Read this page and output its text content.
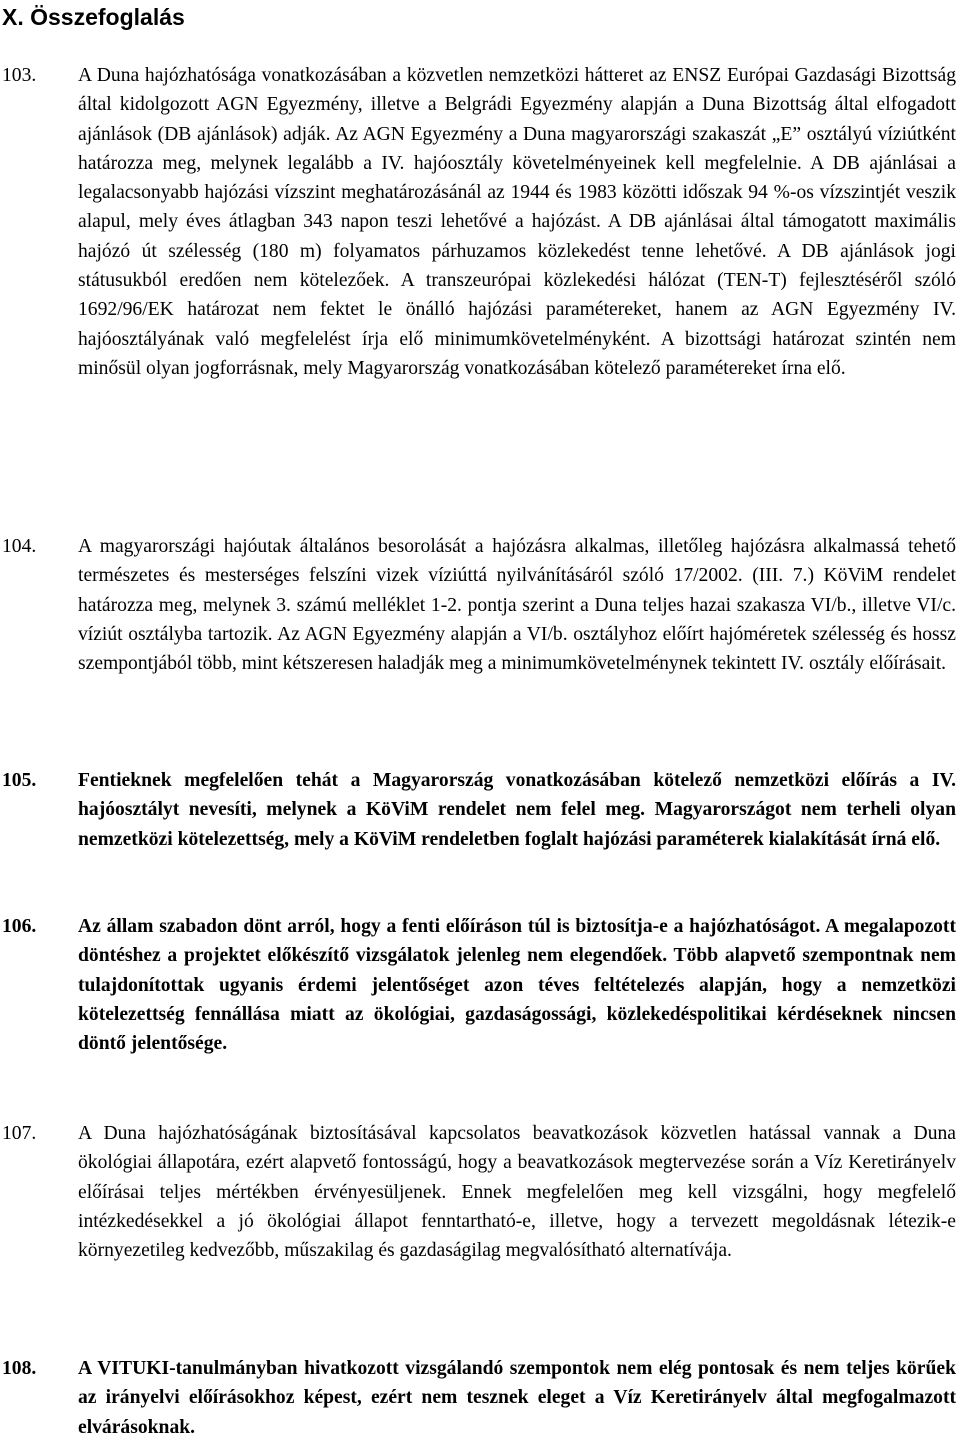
X. Összefoglalás
103. A Duna hajózhatósága vonatkozásában a közvetlen nemzetközi hátteret az ENSZ Európai Gazdasági Bizottság által kidolgozott AGN Egyezmény, illetve a Belgrádi Egyezmény alapján a Duna Bizottság által elfogadott ajánlások (DB ajánlások) adják. Az AGN Egyezmény a Duna magyarországi szakaszát „E” osztályú víziútként határozza meg, melynek legalább a IV. hajóosztály követelményeinek kell megfelelnie. A DB ajánlásai a legalacsonyabb hajózási vízszint meghatározásánál az 1944 és 1983 közötti időszak 94 %-os vízszintjét veszik alapul, mely éves átlagban 343 napon teszi lehetővé a hajózást. A DB ajánlásai által támogatott maximális hajózó út szélesség (180 m) folyamatos párhuzamos közlekedést tenne lehetővé. A DB ajánlások jogi státusukból eredően nem kötelezőek. A transzeurópai közlekedési hálózat (TEN-T) fejlesztéséről szóló 1692/96/EK határozat nem fektet le önálló hajózási paramétereket, hanem az AGN Egyezmény IV. hajóosztályának való megfelelést írja elő minimumkövetelményként. A bizottsági határozat szintén nem minősül olyan jogforrásnak, mely Magyarország vonatkozásában kötelező paramétereket írna elő.

104. A magyarországi hajóutak általános besorolását a hajózásra alkalmas, illetőleg hajózásra alkalmassá tehető természetes és mesterséges felszíni vizek víziúttá nyilvánításáról szóló 17/2002. (III. 7.) KöViM rendelet határozza meg, melynek 3. számú melléklet 1-2. pontja szerint a Duna teljes hazai szakasza VI/b., illetve VI/c. víziút osztályba tartozik. Az AGN Egyezmény alapján a VI/b. osztályhoz előírt hajóméretek szélesség és hossz szempontjából több, mint kétszeresen haladják meg a minimumkövetelménynek tekintett IV. osztály előírásait.

105. Fentieknek megfelelően tehát a Magyarország vonatkozásában kötelező nemzetközi előírás a IV. hajóosztályt nevesíti, melynek a KöViM rendelet nem felel meg. Magyarországot nem terheli olyan nemzetközi kötelezettség, mely a KöViM rendeletben foglalt hajózási paraméterek kialakítását írná elő.

106. Az állam szabadon dönt arról, hogy a fenti előíráson túl is biztosítja-e a hajózhatóságot. A megalapozott döntéshez a projektet előkészítő vizsgálatok jelenleg nem elegendőek. Több alapvető szempontnak nem tulajdonítottak ugyanis érdemi jelentőséget azon téves feltételezés alapján, hogy a nemzetközi kötelezettség fennállása miatt az ökológiai, gazdaságossági, közlekedéspolitikai kérdéseknek nincsen döntő jelentősége.

107. A Duna hajózhatóságának biztosításával kapcsolatos beavatkozások közvetlen hatással vannak a Duna ökológiai állapotára, ezért alapvető fontosságú, hogy a beavatkozások megtervezése során a Víz Keretirányelv előírásai teljes mértékben érvényesüljenek. Ennek megfelelően meg kell vizsgálni, hogy megfelelő intézkedésekkel a jó ökológiai állapot fenntartható-e, illetve, hogy a tervezett megoldásnak létezik-e környezetileg kedvezőbb, műszakilag és gazdaságilag megvalósítható alternatívája.

108. A VITUKI-tanulmányban hivatkozott vizsgálandó szempontok nem elég pontosak és nem teljes körűek az irányelvi előírásokhoz képest, ezért nem tesznek eleget a Víz Keretirányelv által megfogalmazott elvárásoknak.
